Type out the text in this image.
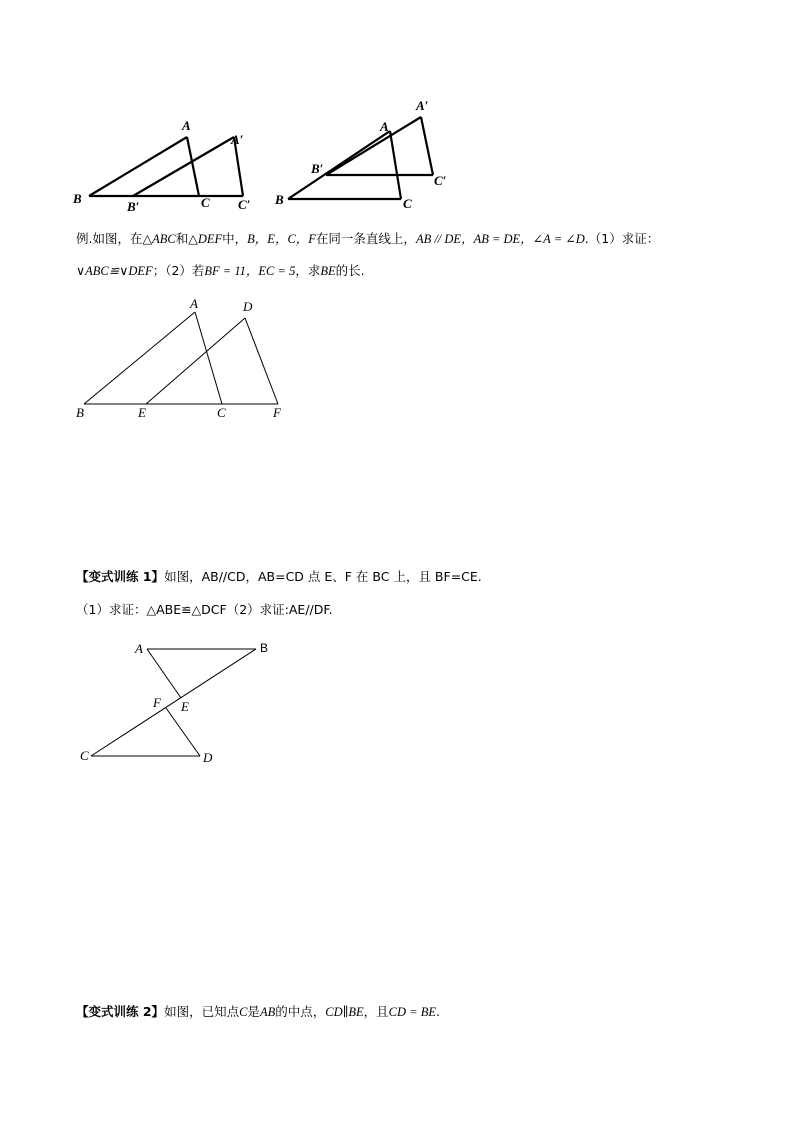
A
A′
B
B′	C C′
A′
A
B′
C′
B	C
例.如图，在△ABC和△DEF中，B，E，C，F在同一条直线上，AB // DE，AB = DE，∠A = ∠D.（1）求证：
∨ABC≌∨DEF；（2）若BF = 11，EC = 5，求BE的长.
A	D
B	E	C	F
【变式训练 1】如图，AB//CD，AB=CD 点 E、F 在 BC 上，且 BF=CE.
（1）求证：△ABE≌△DCF（2）求证:AE//DF.
A	B
F E
C	D
【变式训练 2】如图，已知点C是AB的中点，CD∥BE，且CD = BE.
